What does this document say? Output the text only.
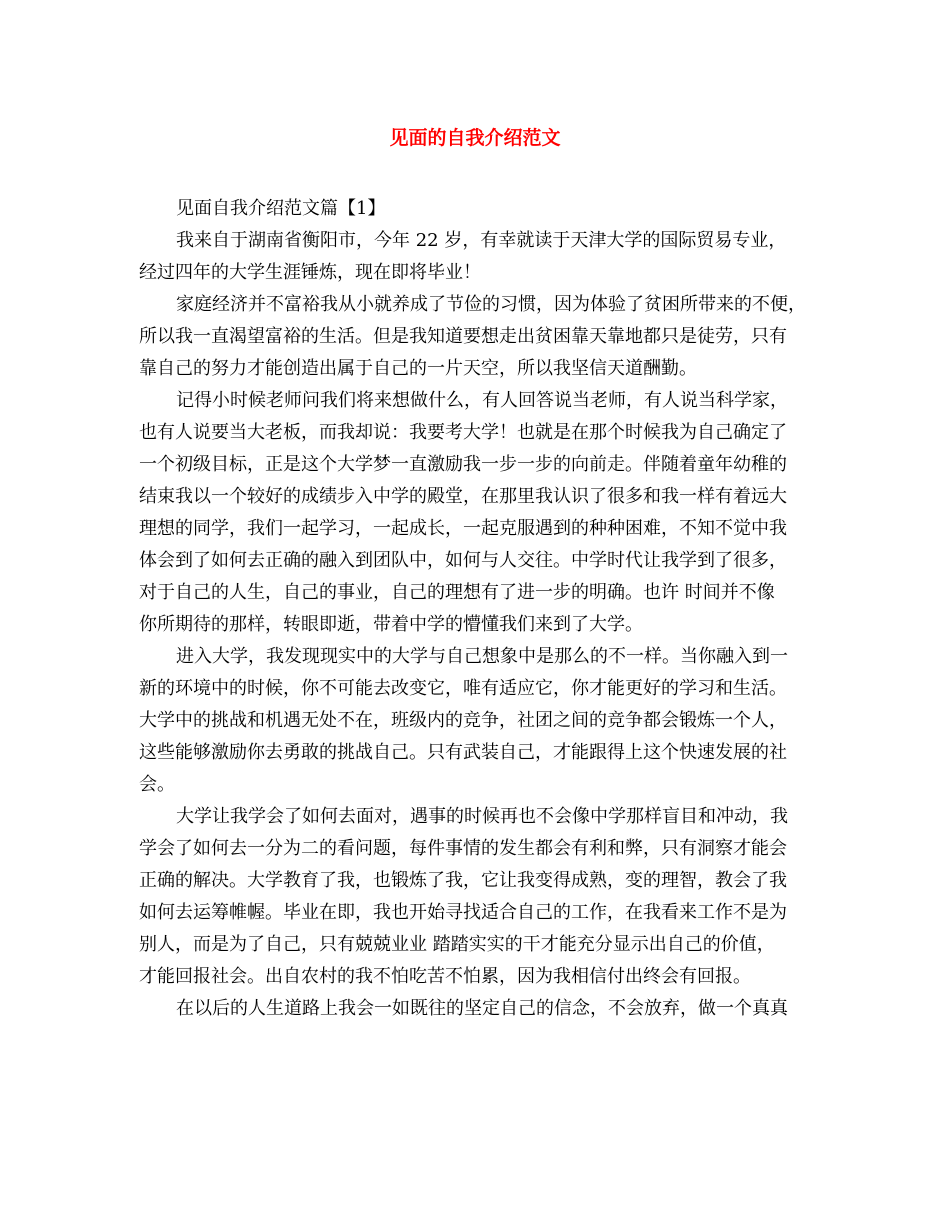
见面的自我介绍范文
见面自我介绍范文篇【1】
我来自于湖南省衡阳市，今年 22 岁，有幸就读于天津大学的国际贸易专业，
经过四年的大学生涯锤炼，现在即将毕业！
家庭经济并不富裕我从小就养成了节俭的习惯，因为体验了贫困所带来的不便，
所以我一直渴望富裕的生活。但是我知道要想走出贫困靠天靠地都只是徒劳，只有
靠自己的努力才能创造出属于自己的一片天空，所以我坚信天道酬勤。
记得小时候老师问我们将来想做什么，有人回答说当老师，有人说当科学家，
也有人说要当大老板，而我却说：我要考大学！也就是在那个时候我为自己确定了
一个初级目标，正是这个大学梦一直激励我一步一步的向前走。伴随着童年幼稚的
结束我以一个较好的成绩步入中学的殿堂，在那里我认识了很多和我一样有着远大
理想的同学，我们一起学习，一起成长，一起克服遇到的种种困难，不知不觉中我
体会到了如何去正确的融入到团队中，如何与人交往。中学时代让我学到了很多，
对于自己的人生，自己的事业，自己的理想有了进一步的明确。也许 时间并不像
你所期待的那样，转眼即逝，带着中学的懵懂我们来到了大学。
进入大学，我发现现实中的大学与自己想象中是那么的不一样。当你融入到一
新的环境中的时候，你不可能去改变它，唯有适应它，你才能更好的学习和生活。
大学中的挑战和机遇无处不在，班级内的竞争，社团之间的竞争都会锻炼一个人，
这些能够激励你去勇敢的挑战自己。只有武装自己，才能跟得上这个快速发展的社
会。
大学让我学会了如何去面对，遇事的时候再也不会像中学那样盲目和冲动，我
学会了如何去一分为二的看问题，每件事情的发生都会有利和弊，只有洞察才能会
正确的解决。大学教育了我，也锻炼了我，它让我变得成熟，变的理智，教会了我
如何去运筹帷幄。毕业在即，我也开始寻找适合自己的工作，在我看来工作不是为
别人，而是为了自己，只有兢兢业业 踏踏实实的干才能充分显示出自己的价值，
才能回报社会。出自农村的我不怕吃苦不怕累，因为我相信付出终会有回报。
在以后的人生道路上我会一如既往的坚定自己的信念，不会放弃，做一个真真
